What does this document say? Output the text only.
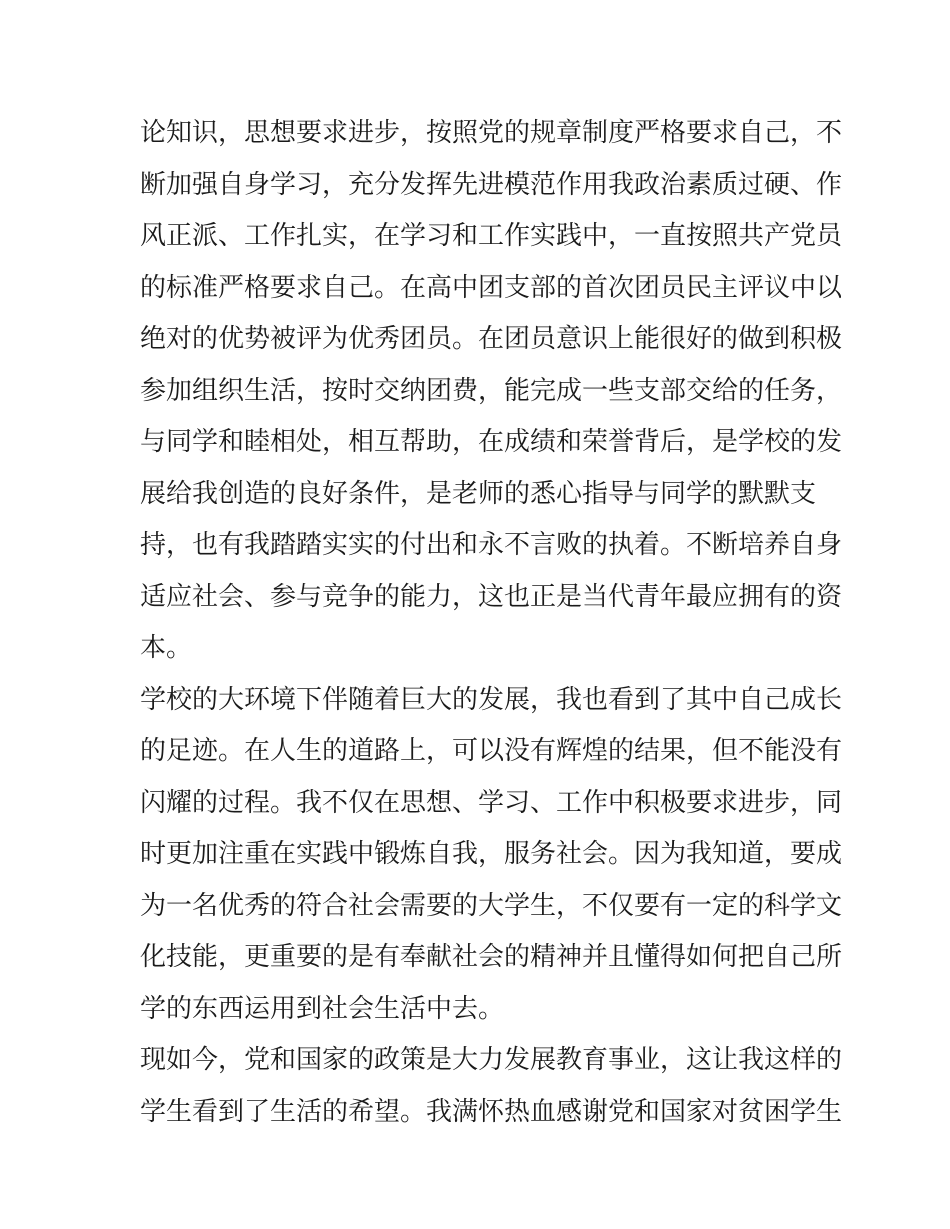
论知识，思想要求进步，按照党的规章制度严格要求自己，不
断加强自身学习，充分发挥先进模范作用我政治素质过硬、作
风正派、工作扎实，在学习和工作实践中，一直按照共产党员
的标准严格要求自己。在高中团支部的首次团员民主评议中以
绝对的优势被评为优秀团员。在团员意识上能很好的做到积极
参加组织生活，按时交纳团费，能完成一些支部交给的任务，
与同学和睦相处，相互帮助，在成绩和荣誉背后，是学校的发
展给我创造的良好条件，是老师的悉心指导与同学的默默支
持，也有我踏踏实实的付出和永不言败的执着。不断培养自身
适应社会、参与竞争的能力，这也正是当代青年最应拥有的资
本。
学校的大环境下伴随着巨大的发展，我也看到了其中自己成长
的足迹。在人生的道路上，可以没有辉煌的结果，但不能没有
闪耀的过程。我不仅在思想、学习、工作中积极要求进步，同
时更加注重在实践中锻炼自我，服务社会。因为我知道，要成
为一名优秀的符合社会需要的大学生，不仅要有一定的科学文
化技能，更重要的是有奉献社会的精神并且懂得如何把自己所
学的东西运用到社会生活中去。
现如今，党和国家的政策是大力发展教育事业，这让我这样的
学生看到了生活的希望。我满怀热血感谢党和国家对贫困学生
